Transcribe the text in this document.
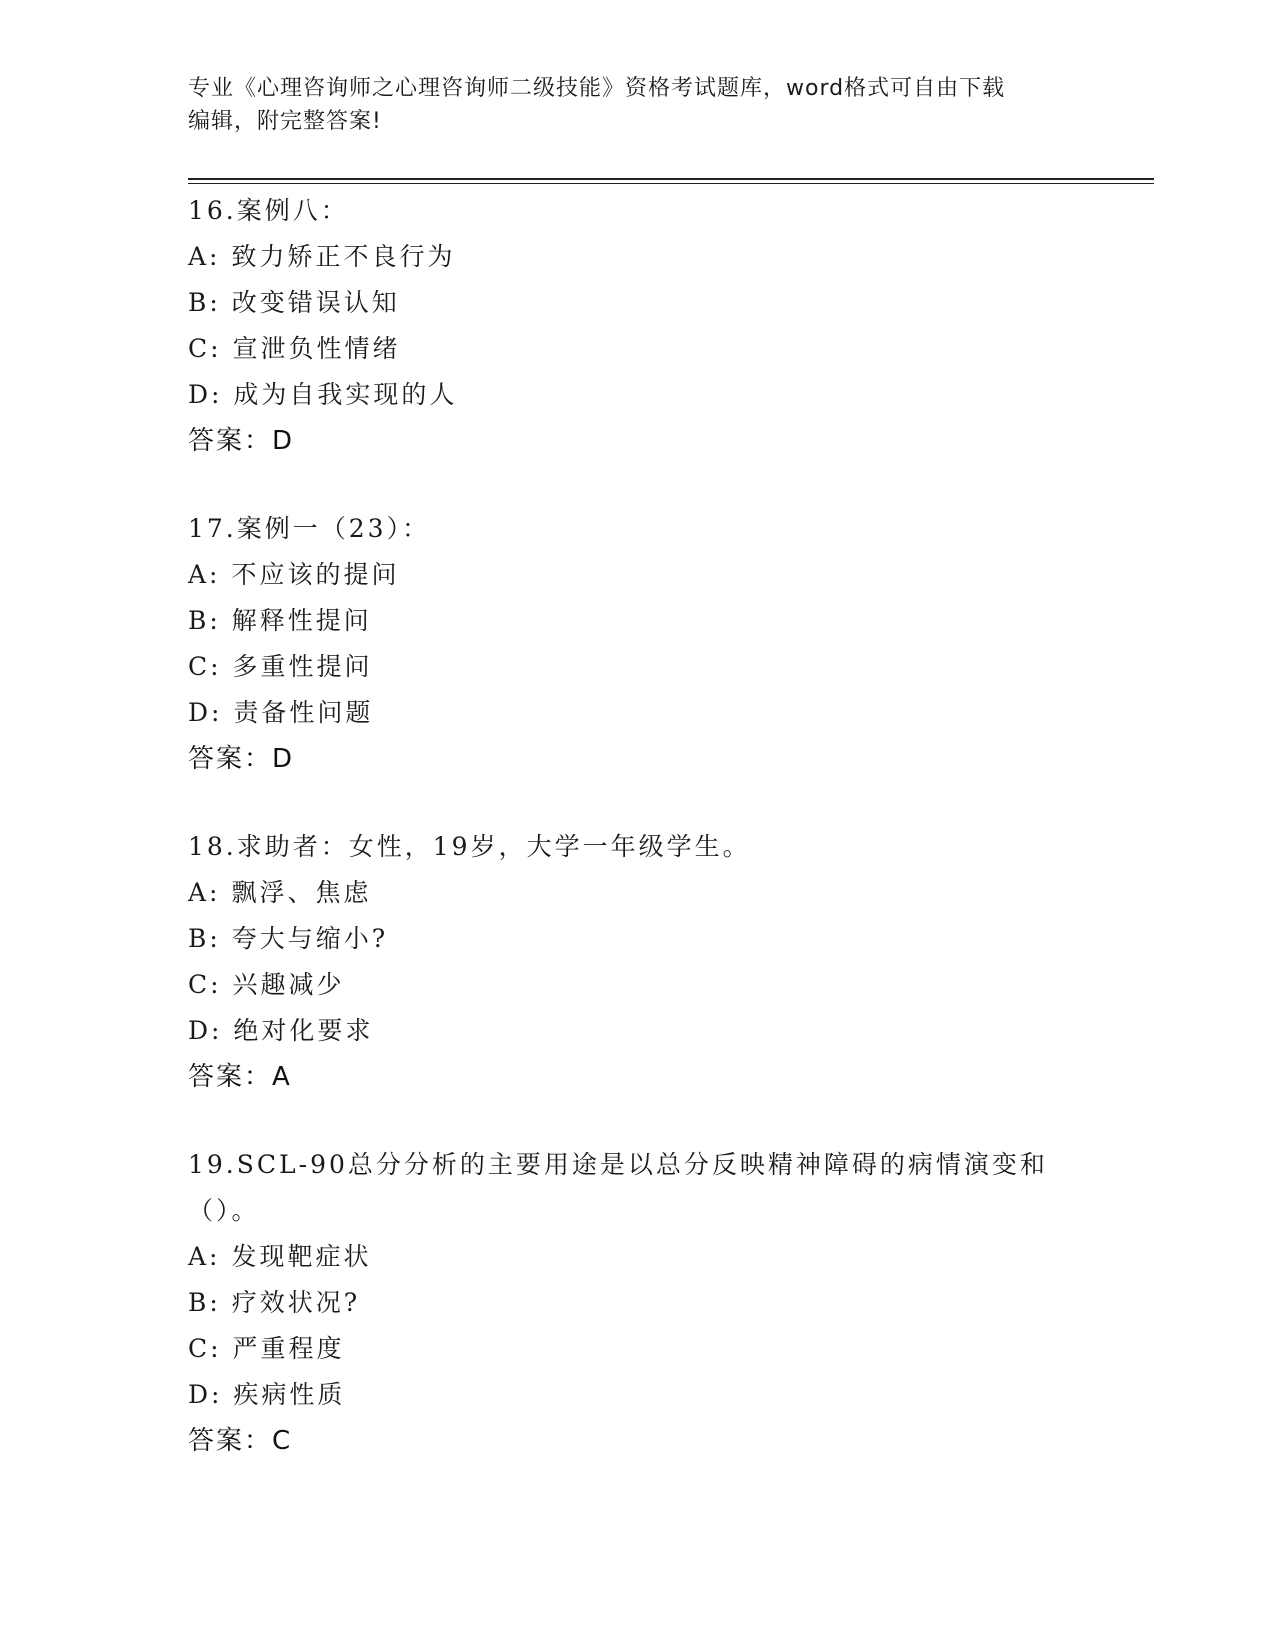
专业《心理咨询师之心理咨询师二级技能》资格考试题库，word格式可自由下载
编辑，附完整答案!
16.案例八：
A: 致力矫正不良行为
B: 改变错误认知
C: 宣泄负性情绪
D: 成为自我实现的人
答案：D
17.案例一（23）：
A: 不应该的提问
B: 解释性提问
C: 多重性提问
D: 责备性问题
答案：D
18.求助者：女性，19岁，大学一年级学生。
A: 飘浮、焦虑
B: 夸大与缩小?
C: 兴趣减少
D: 绝对化要求
答案：A
19.SCL-90总分分析的主要用途是以总分反映精神障碍的病情演变和（）。
A: 发现靶症状
B: 疗效状况?
C: 严重程度
D: 疾病性质
答案：C
